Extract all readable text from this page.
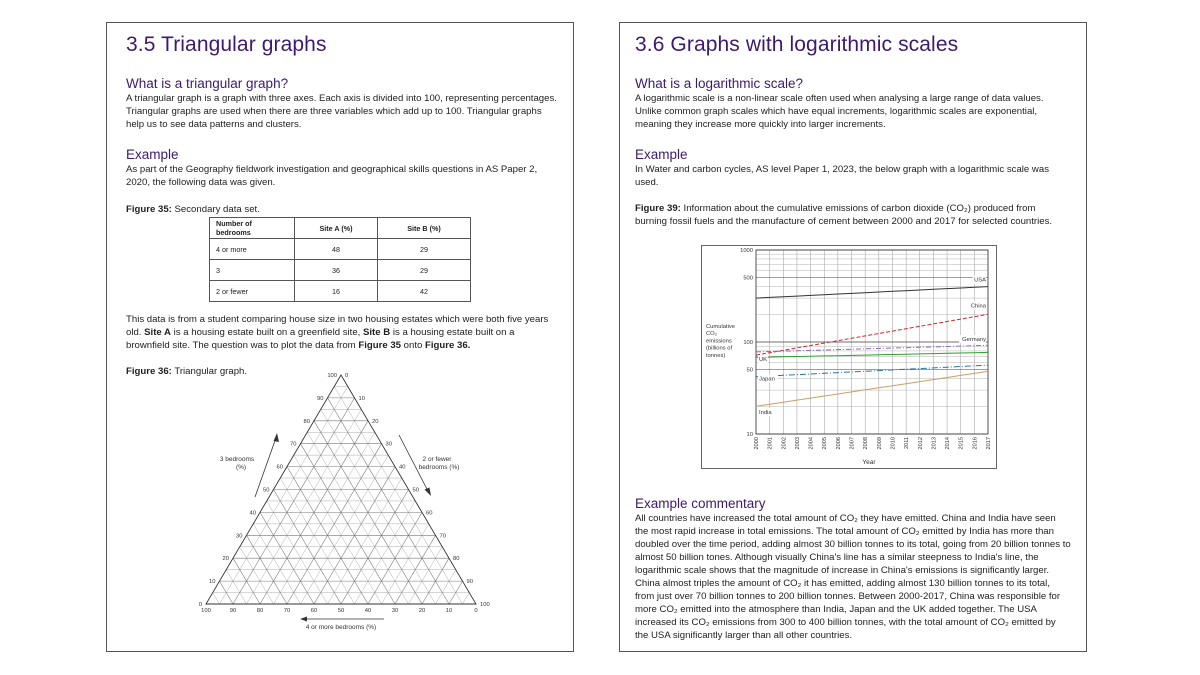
3.5 Triangular graphs
What is a triangular graph?

A triangular graph is a graph with three axes. Each axis is divided into 100, representing percentages. Triangular graphs are used when there are three variables which add up to 100. Triangular graphs help us to see data patterns and clusters.

Example

As part of the Geography fieldwork investigation and geographical skills questions in AS Paper 2, 2020, the following data was given.

Figure 35: Secondary data set.

Number of bedrooms	Site A (%)	Site B (%)
4 or more	48	29
3	36	29
2 or fewer	16	42

This data is from a student comparing house size in two housing estates which were both five years old. Site A is a housing estate built on a greenfield site, Site B is a housing estate built on a brownfield site. The question was to plot the data from Figure 35 onto Figure 36.

Figure 36: Triangular graph.

0
0
0
10
10
10
20
20
20
30
30
30
40
40
40
50	50
50
60
60
60
70
70
70
80
80
80
90
90
90
100
100
100
3 bedrooms
(%)
2 or fewer
bedrooms (%)
4 or more bedrooms (%)
3.6 Graphs with logarithmic scales
What is a logarithmic scale?

A logarithmic scale is a non-linear scale often used when analysing a large range of data values. Unlike common graph scales which have equal increments, logarithmic scales are exponential, meaning they increase more quickly into larger increments.

Example

In Water and carbon cycles, AS level Paper 1, 2023, the below graph with a logarithmic scale was used.

Figure 39: Information about the cumulative emissions of carbon dioxide (CO₂) produced from burning fossil fuels and the manufacture of cement between 2000 and 2017 for selected countries.

Example commentary

All countries have increased the total amount of CO₂ they have emitted. China and India have seen the most rapid increase in total emissions. The total amount of CO₂ emitted by India has more than doubled over the time period, adding almost 30 billion tonnes to its total, going from 20 billion tonnes to almost 50 billion tones. Although visually China's line has a similar steepness to India's line, the logarithmic scale shows that the magnitude of increase in China's emissions is significantly larger. China almost triples the amount of CO₂ it has emitted, adding almost 130 billion tonnes to its total, from just over 70 billion tonnes to 200 billion tonnes. Between 2000-2017, China was responsible for more CO₂ emitted into the atmosphere than India, Japan and the UK added together. The USA increased its CO₂ emissions from 300 to 400 billion tonnes, with the total amount of CO₂ emitted by the USA significantly larger than all other countries.

1000
500
100
50
10
2000 2001 2002 2003 2004 2005 2006 2007 2008 2009 2010 2011 2012 2013 2014 2015 2016 2017
USA
China
Germany
UK
Japan
India
Cumulative
CO₂
emissions
(billions of
tonnes)
Year
